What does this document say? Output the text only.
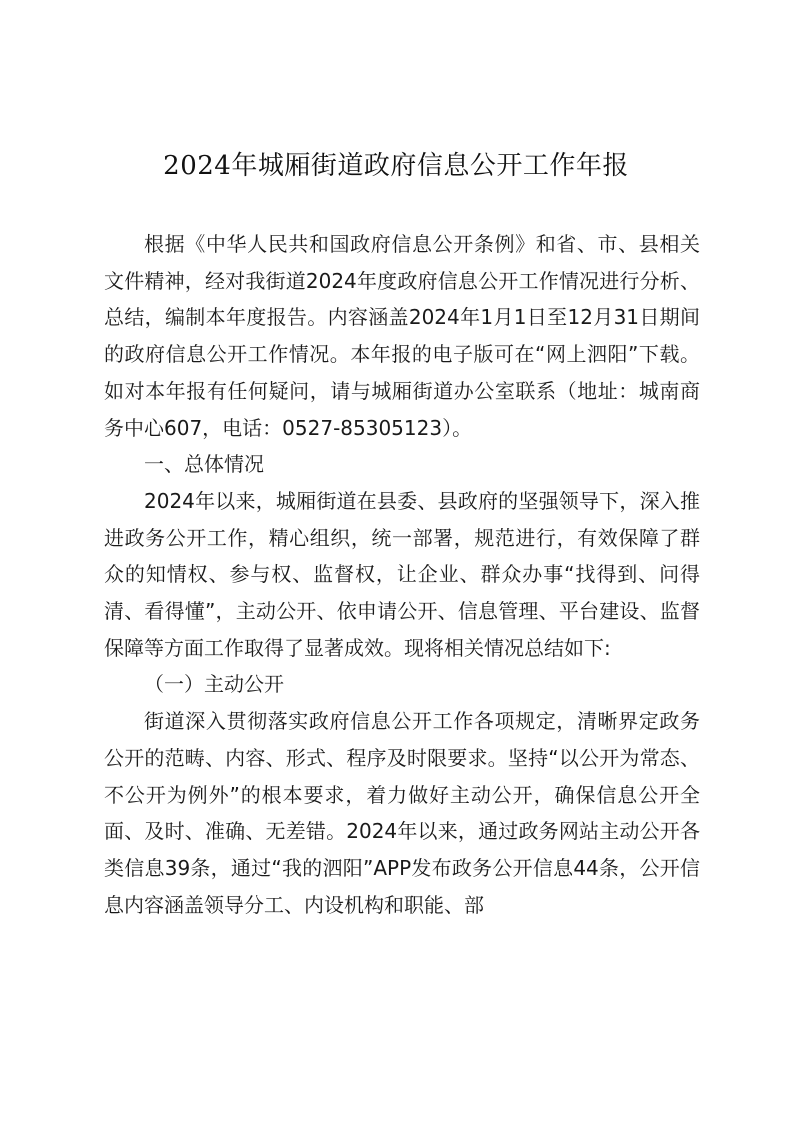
2024年城厢街道政府信息公开工作年报

根据《中华人民共和国政府信息公开条例》和省、市、县相关文件精神，经对我街道2024年度政府信息公开工作情况进行分析、总结，编制本年度报告。内容涵盖2024年1月1日至12月31日期间的政府信息公开工作情况。本年报的电子版可在“网上泗阳”下载。如对本年报有任何疑问，请与城厢街道办公室联系（地址：城南商务中心607，电话：0527-85305123）。

一、总体情况

2024年以来，城厢街道在县委、县政府的坚强领导下，深入推进政务公开工作，精心组织，统一部署，规范进行，有效保障了群众的知情权、参与权、监督权，让企业、群众办事“找得到、问得清、看得懂”，主动公开、依申请公开、信息管理、平台建设、监督保障等方面工作取得了显著成效。现将相关情况总结如下:

（一）主动公开

街道深入贯彻落实政府信息公开工作各项规定，清晰界定政务公开的范畴、内容、形式、程序及时限要求。坚持“以公开为常态、不公开为例外”的根本要求，着力做好主动公开，确保信息公开全面、及时、准确、无差错。2024年以来，通过政务网站主动公开各类信息39条，通过“我的泗阳”APP发布政务公开信息44条，公开信息内容涵盖领导分工、内设机构和职能、部
